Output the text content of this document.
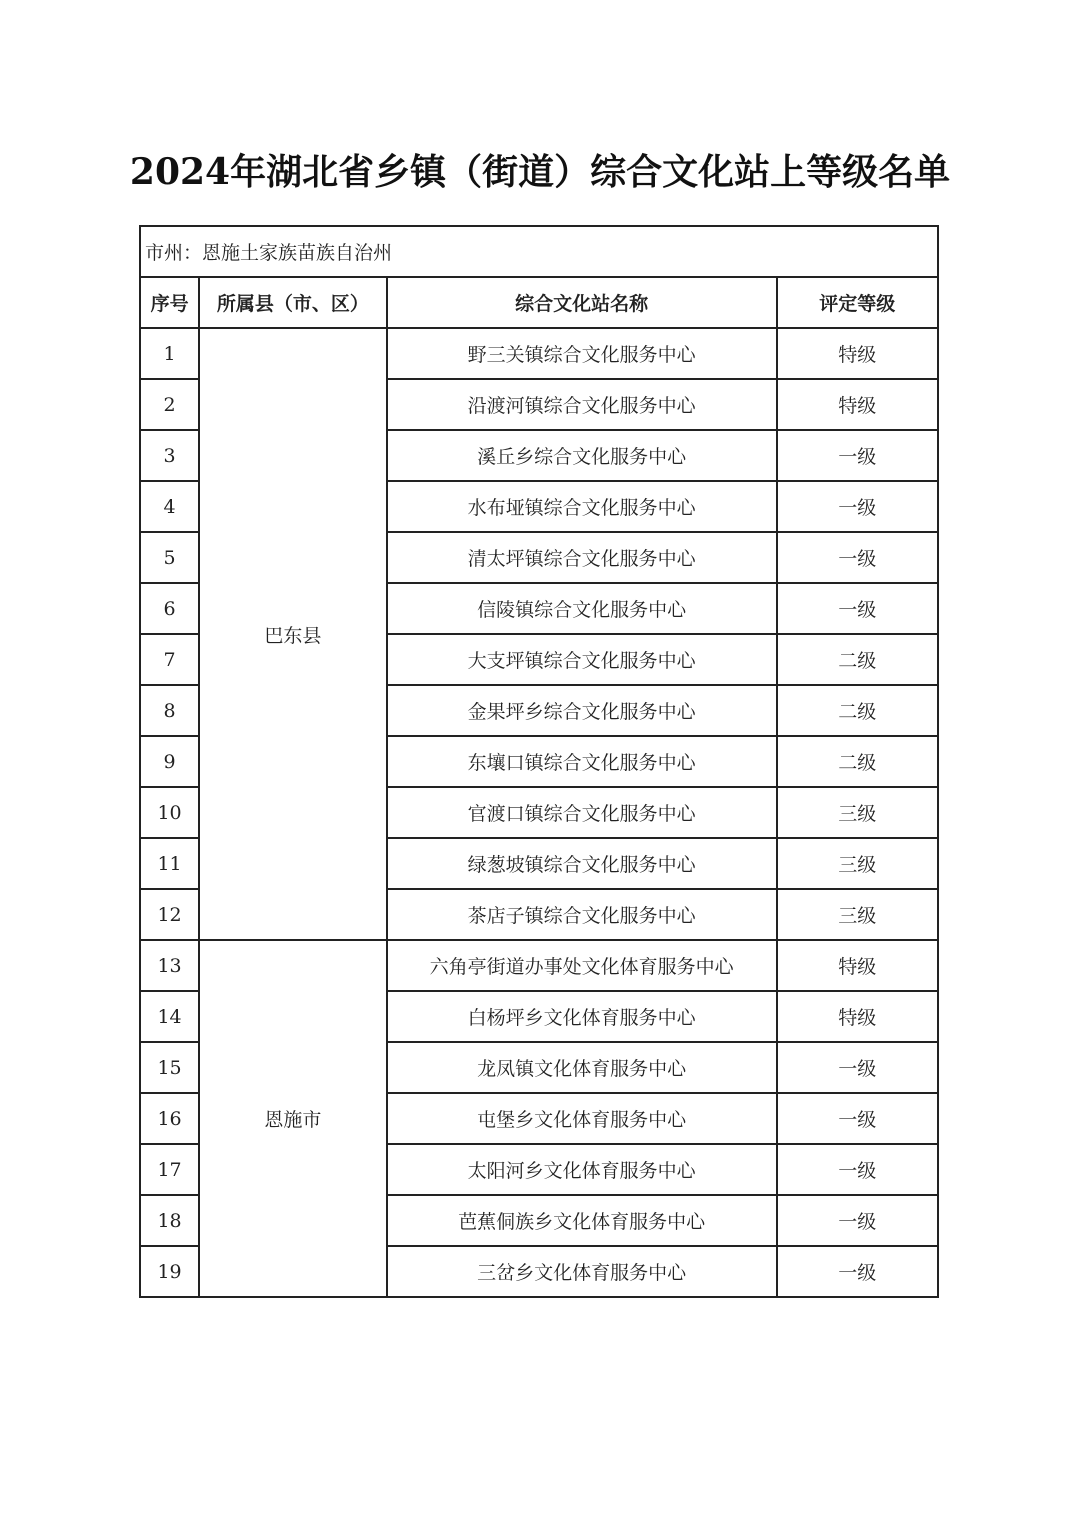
2024年湖北省乡镇（街道）综合文化站上等级名单
市州：恩施土家族苗族自治州			
序号	所属县（市、区）	综合文化站名称	评定等级
1	巴东县	野三关镇综合文化服务中心	特级
2		沿渡河镇综合文化服务中心	特级
3		溪丘乡综合文化服务中心	一级
4		水布垭镇综合文化服务中心	一级
5		清太坪镇综合文化服务中心	一级
6		信陵镇综合文化服务中心	一级
7		大支坪镇综合文化服务中心	二级
8		金果坪乡综合文化服务中心	二级
9		东壤口镇综合文化服务中心	二级
10		官渡口镇综合文化服务中心	三级
11		绿葱坡镇综合文化服务中心	三级
12		茶店子镇综合文化服务中心	三级
13	恩施市	六角亭街道办事处文化体育服务中心	特级
14		白杨坪乡文化体育服务中心	特级
15		龙凤镇文化体育服务中心	一级
16		屯堡乡文化体育服务中心	一级
17		太阳河乡文化体育服务中心	一级
18		芭蕉侗族乡文化体育服务中心	一级
19		三岔乡文化体育服务中心	一级
